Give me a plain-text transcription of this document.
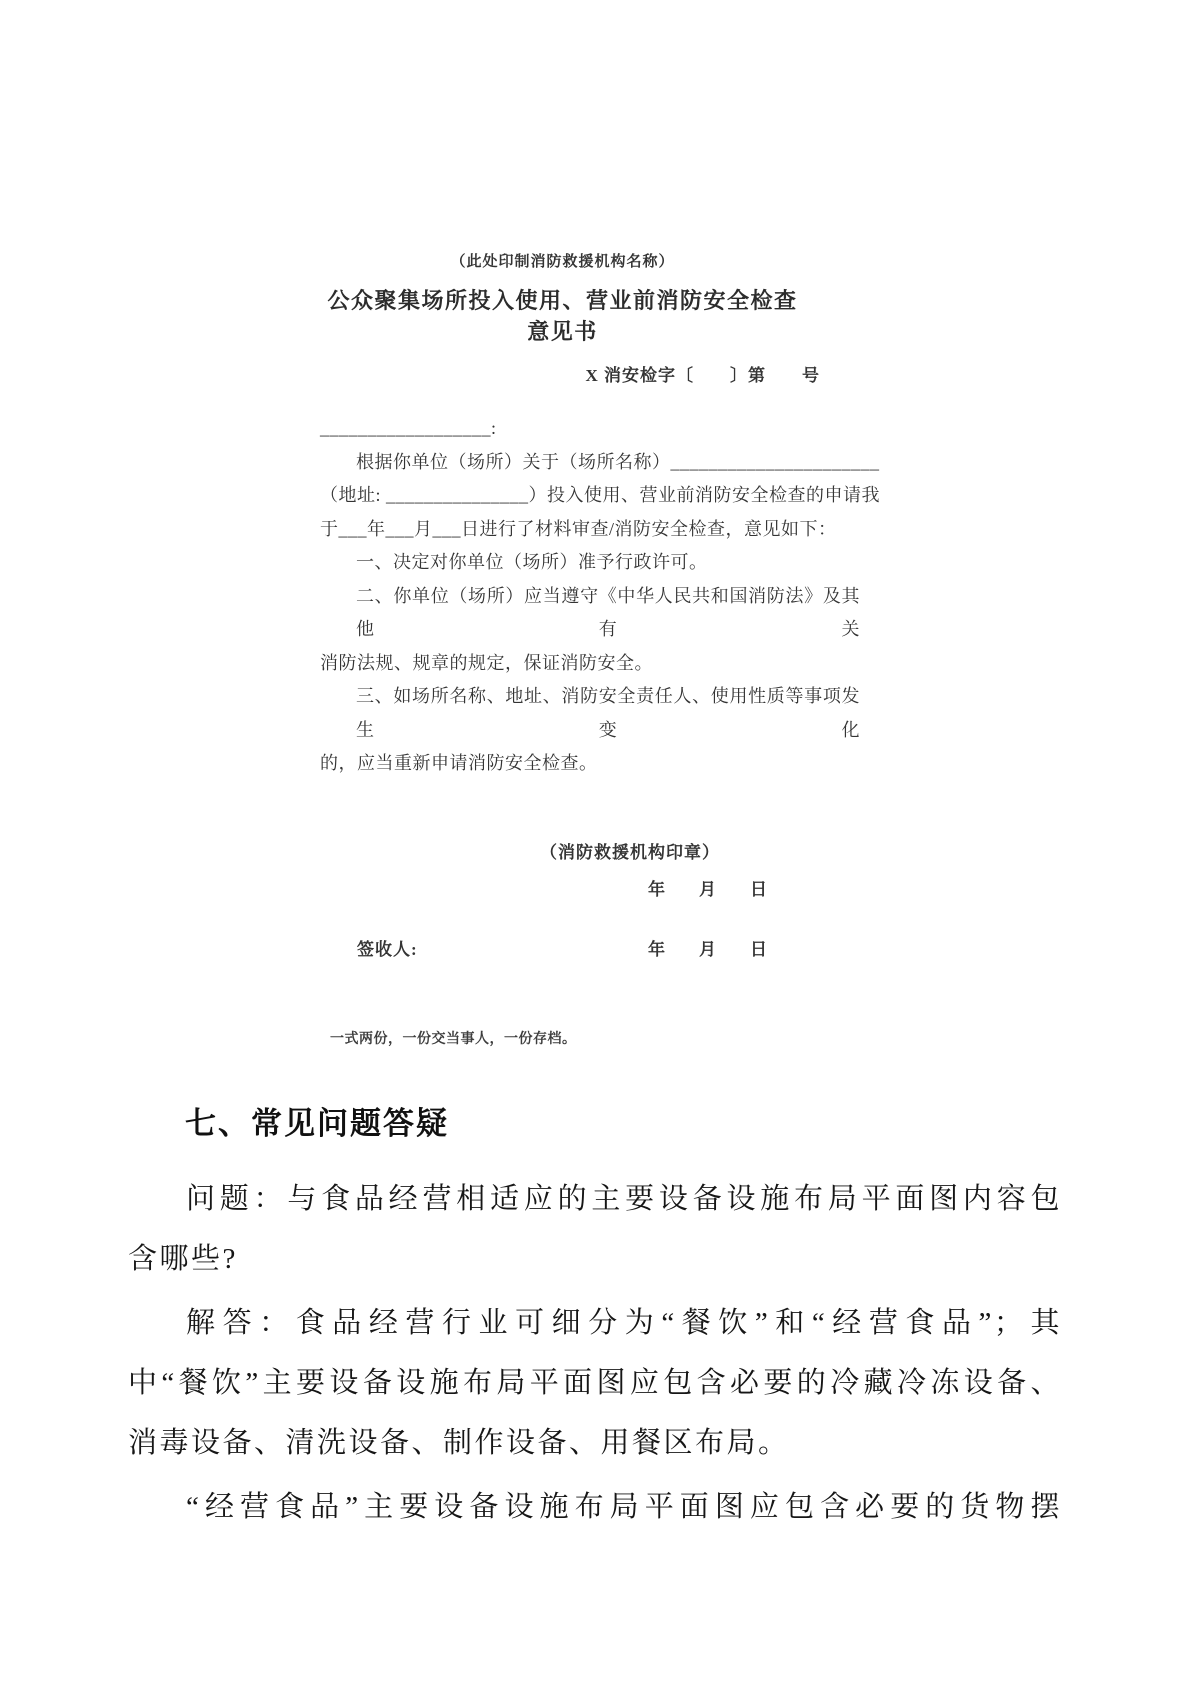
（此处印制消防救援机构名称）
公众聚集场所投入使用、营业前消防安全检查意见书
X 消安检字〔　　〕第　　号
__________________:
根据你单位（场所）关于（场所名称）______________________
（地址: _______________）投入使用、营业前消防安全检查的申请我
于___年___月___日进行了材料审查/消防安全检查，意见如下：
一、决定对你单位（场所）准予行政许可。
二、你单位（场所）应当遵守《中华人民共和国消防法》及其他有关
消防法规、规章的规定，保证消防安全。
三、如场所名称、地址、消防安全责任人、使用性质等事项发生变化
的，应当重新申请消防安全检查。
（消防救援机构印章）
年　　月　　日
签收人:	年　　月　　日
一式两份，一份交当事人，一份存档。
七、常见问题答疑
问题：与食品经营相适应的主要设备设施布局平面图内容包
含哪些?
解答：食品经营行业可细分为“餐饮”和“经营食品”；其
中“餐饮”主要设备设施布局平面图应包含必要的冷藏冷冻设备、
消毒设备、清洗设备、制作设备、用餐区布局。
“经营食品”主要设备设施布局平面图应包含必要的货物摆
